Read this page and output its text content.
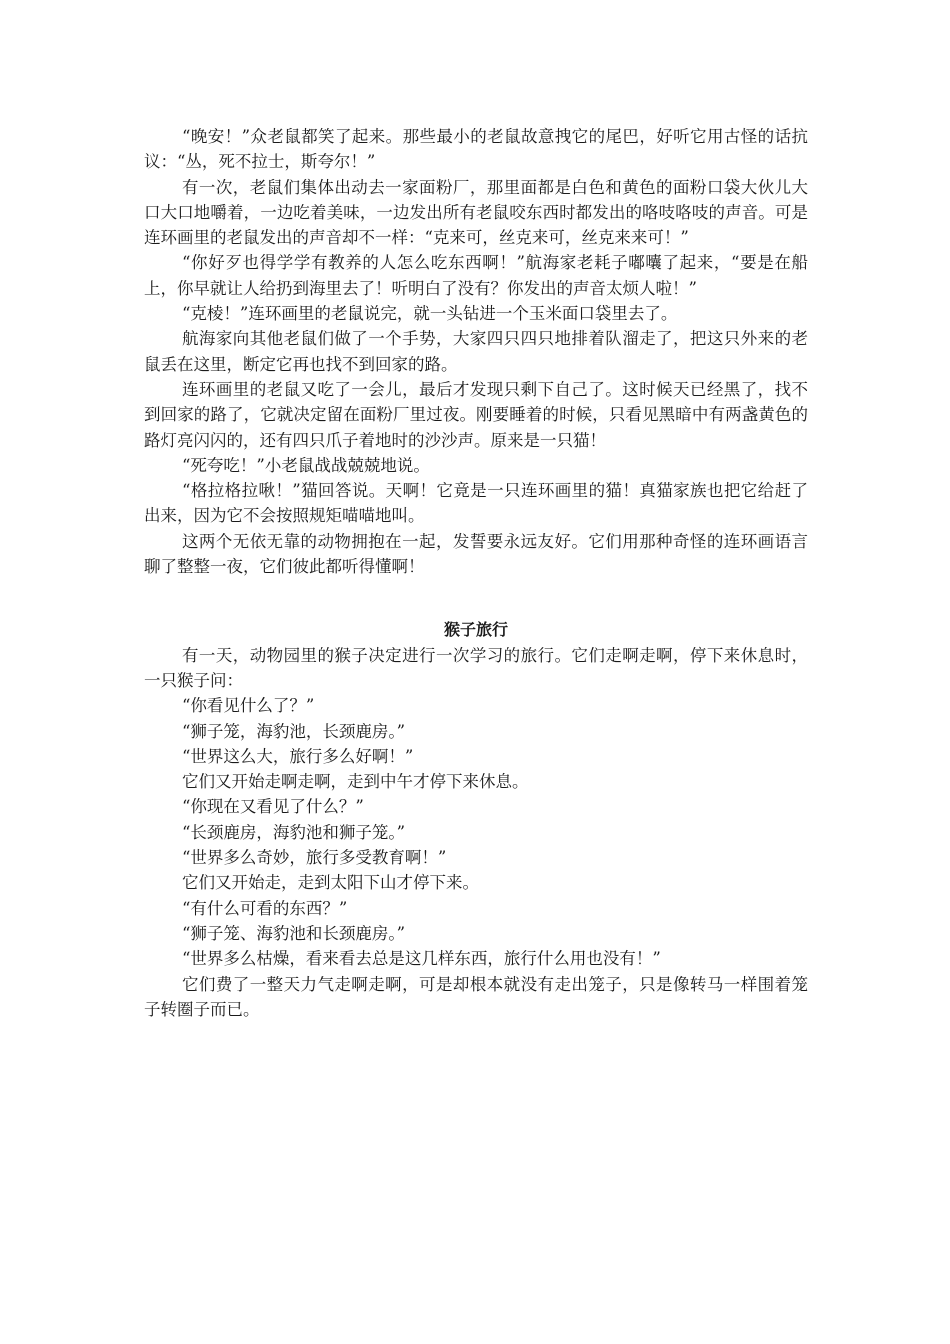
“晚安！”众老鼠都笑了起来。那些最小的老鼠故意拽它的尾巴，好听它用古怪的话抗议：“丛，死不拉士，斯夸尔！”

有一次，老鼠们集体出动去一家面粉厂，那里面都是白色和黄色的面粉口袋大伙儿大口大口地嚼着，一边吃着美味，一边发出所有老鼠咬东西时都发出的咯吱咯吱的声音。可是连环画里的老鼠发出的声音却不一样：“克来可，丝克来可，丝克来来可！”

“你好歹也得学学有教养的人怎么吃东西啊！”航海家老耗子嘟囔了起来，“要是在船上，你早就让人给扔到海里去了！听明白了没有？你发出的声音太烦人啦！”

“克棱！”连环画里的老鼠说完，就一头钻进一个玉米面口袋里去了。

航海家向其他老鼠们做了一个手势，大家四只四只地排着队溜走了，把这只外来的老鼠丢在这里，断定它再也找不到回家的路。

连环画里的老鼠又吃了一会儿，最后才发现只剩下自己了。这时候天已经黑了，找不到回家的路了，它就决定留在面粉厂里过夜。刚要睡着的时候，只看见黑暗中有两盏黄色的路灯亮闪闪的，还有四只爪子着地时的沙沙声。原来是一只猫！

“死夸吃！”小老鼠战战兢兢地说。

“格拉格拉啾！”猫回答说。天啊！它竟是一只连环画里的猫！真猫家族也把它给赶了出来，因为它不会按照规矩喵喵地叫。

这两个无依无靠的动物拥抱在一起，发誓要永远友好。它们用那种奇怪的连环画语言聊了整整一夜，它们彼此都听得懂啊！

猴子旅行

有一天，动物园里的猴子决定进行一次学习的旅行。它们走啊走啊，停下来休息时，一只猴子问：

“你看见什么了？”

“狮子笼，海豹池，长颈鹿房。”

“世界这么大，旅行多么好啊！”

它们又开始走啊走啊，走到中午才停下来休息。

“你现在又看见了什么？”

“长颈鹿房，海豹池和狮子笼。”

“世界多么奇妙，旅行多受教育啊！”

它们又开始走，走到太阳下山才停下来。

“有什么可看的东西？”

“狮子笼、海豹池和长颈鹿房。”

“世界多么枯燥，看来看去总是这几样东西，旅行什么用也没有！”

它们费了一整天力气走啊走啊，可是却根本就没有走出笼子，只是像转马一样围着笼子转圈子而已。
